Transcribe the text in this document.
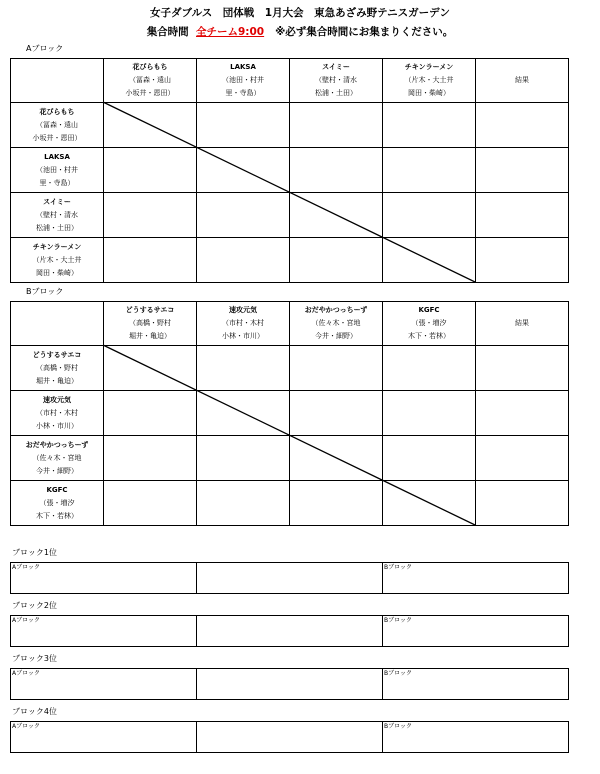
女子ダブルス　団体戦　1月大会　東急あざみ野テニスガーデン
集合時間 全チーム9:00 ※必ず集合時間にお集まりください。
Aブロック

	花びらもち
（冨森・遠山
小坂井・恩田）	LAKSA
（池田・村井
里・寺島）	スイミー
（壁村・清水
松浦・土田）	チキンラーメン
（片木・大土井
岡田・柴崎）	結果

花びらもち
（冨森・遠山
小坂井・恩田）					

LAKSA
（池田・村井
里・寺島）					

スイミー
（壁村・清水
松浦・土田）					

チキンラーメン
（片木・大土井
岡田・柴崎）					

Bブロック

	どうするサエコ
（高橋・野村
堀井・亀迫）	速攻元気
（市村・木村
小林・市川）	おだやかつっちーず
（佐々木・宮地
今井・細野）	KGFC
（張・増汐
木下・若林）	結果

どうするサエコ
（高橋・野村
堀井・亀迫）					

速攻元気
（市村・木村
小林・市川）					

おだやかつっちーず
（佐々木・宮地
今井・細野）					

KGFC
（張・増汐
木下・若林）					

ブロック1位
Aブロック		Bブロック
ブロック2位
Aブロック		Bブロック
ブロック3位
Aブロック		Bブロック
ブロック4位
Aブロック		Bブロック
